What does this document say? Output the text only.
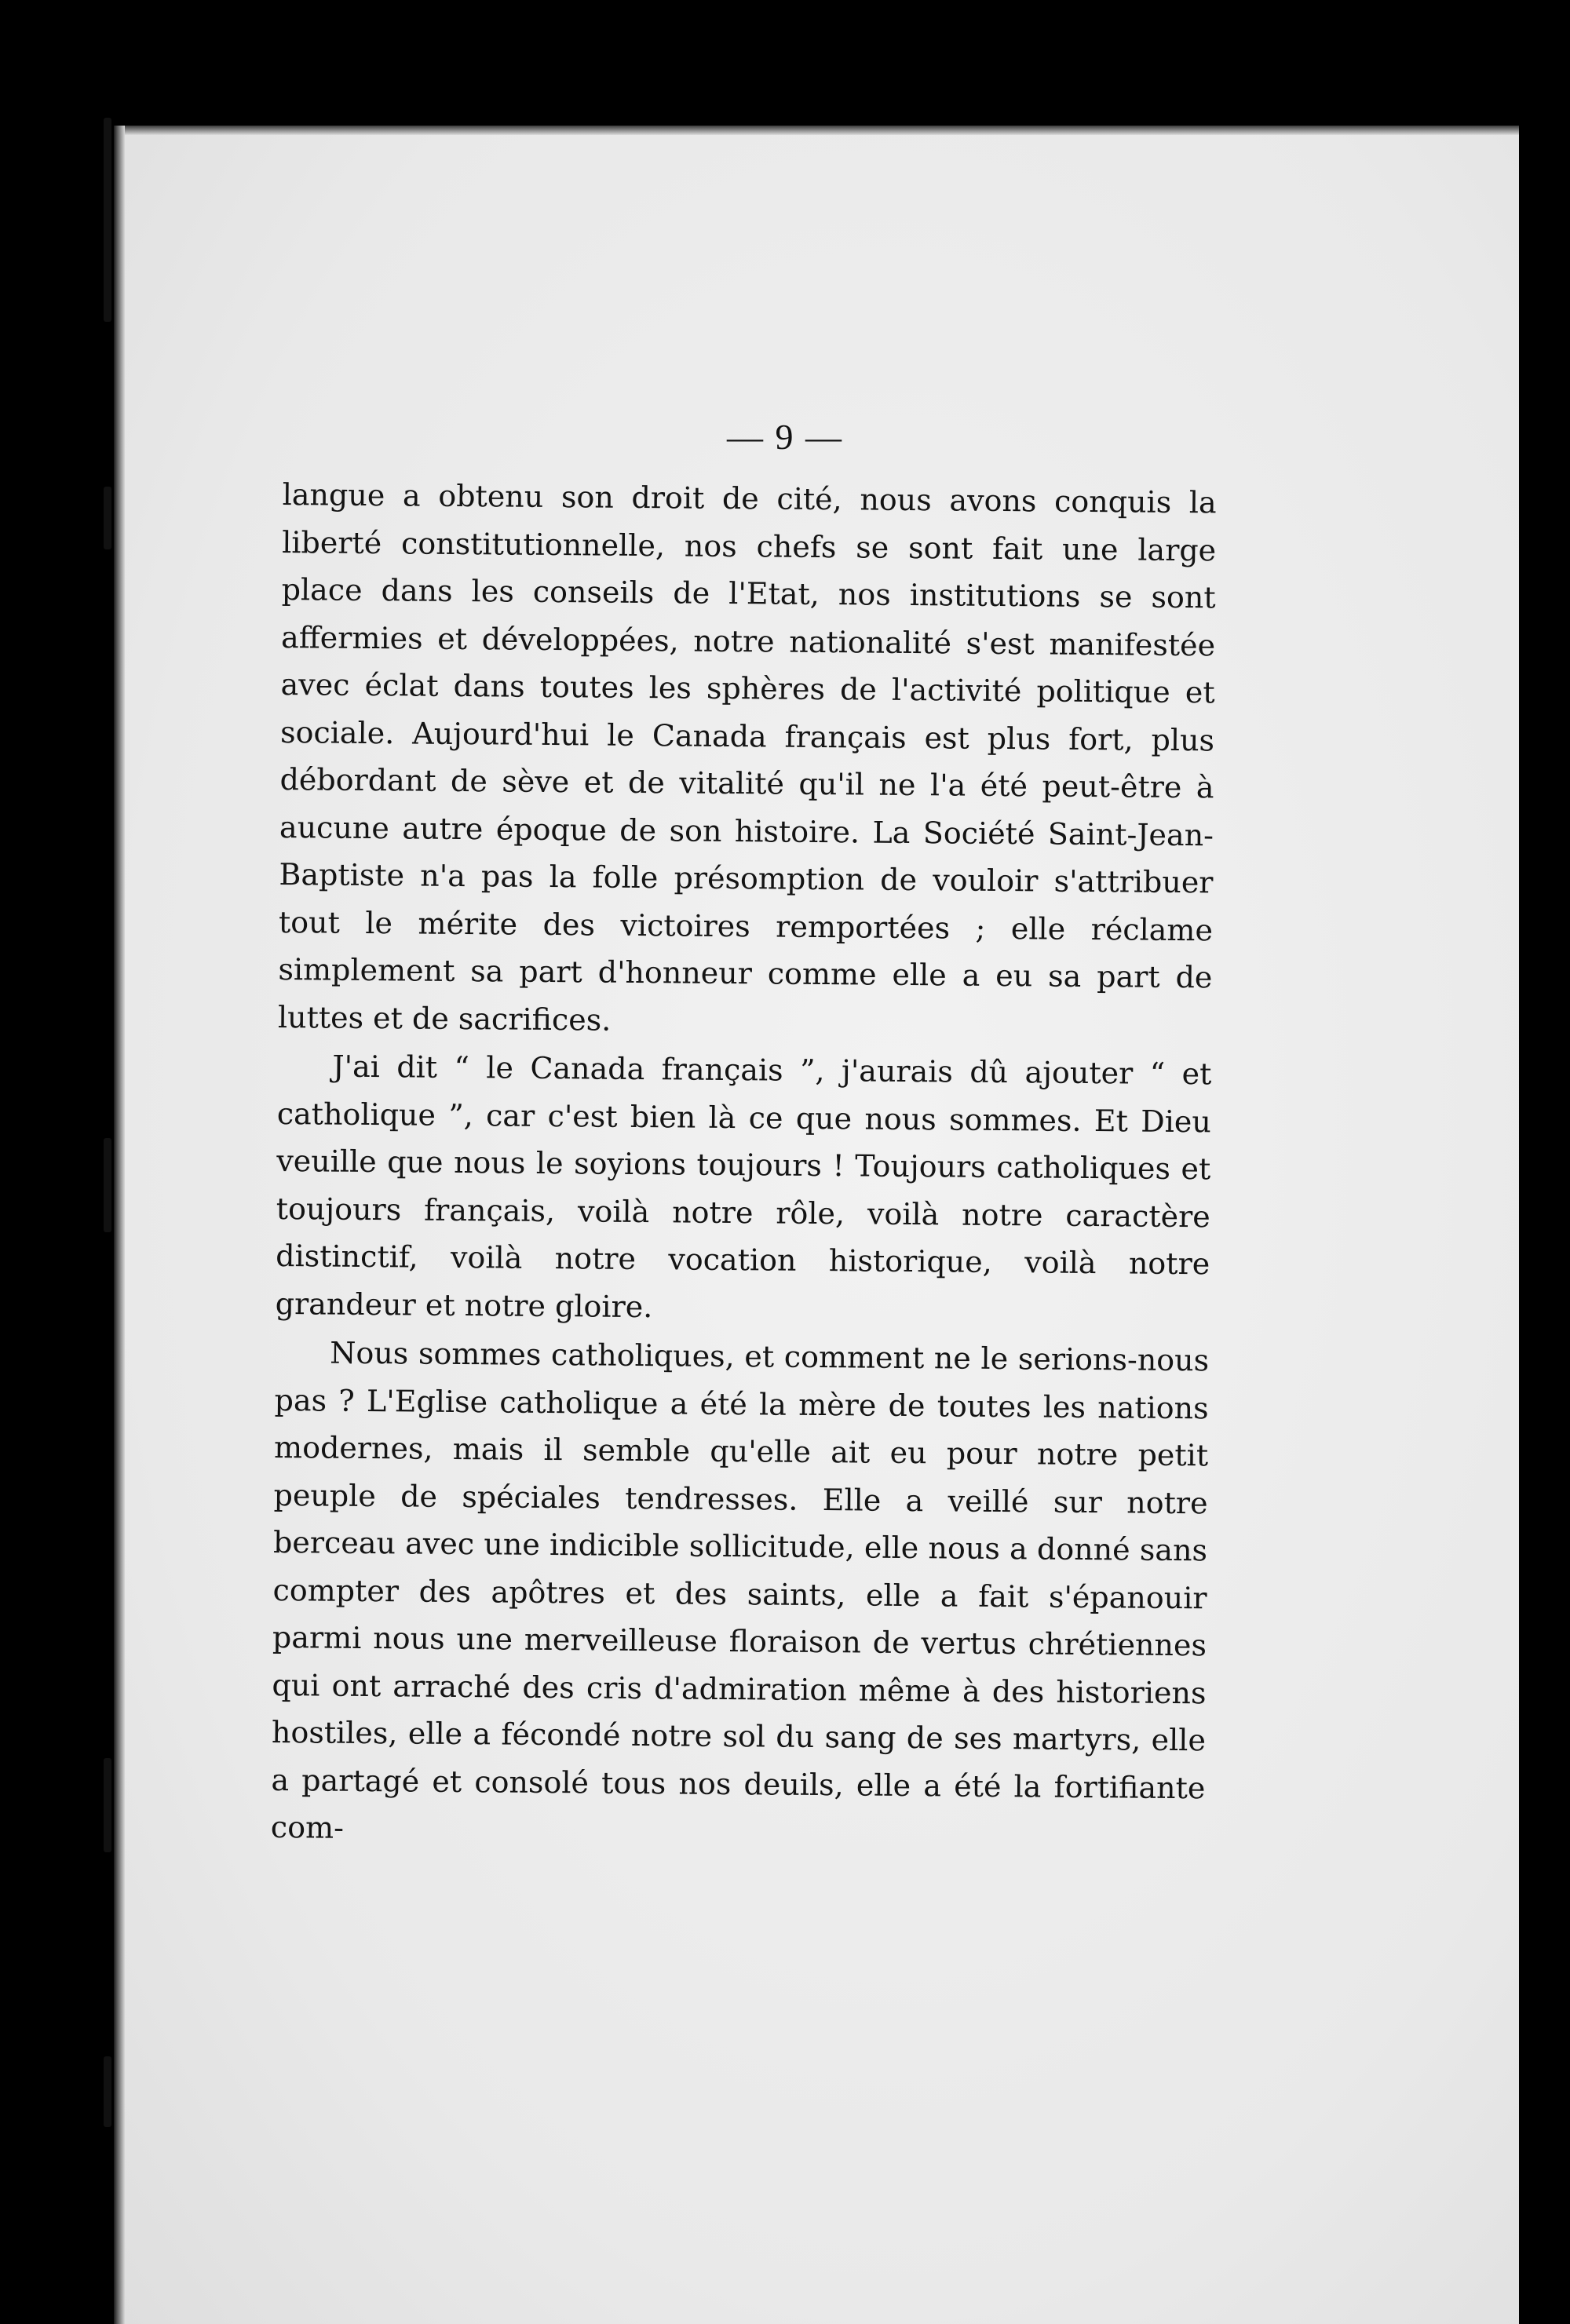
— 9 —

langue a obtenu son droit de cité, nous avons conquis la liberté constitutionnelle, nos chefs se sont fait une large place dans les conseils de l'Etat, nos institutions se sont affermies et développées, notre nationalité s'est manifestée avec éclat dans toutes les sphères de l'activité politique et sociale. Aujourd'hui le Canada français est plus fort, plus débordant de sève et de vitalité qu'il ne l'a été peut-être à aucune autre époque de son histoire. La Société Saint-Jean-Baptiste n'a pas la folle présomption de vouloir s'attribuer tout le mérite des victoires remportées ; elle réclame simplement sa part d'honneur comme elle a eu sa part de luttes et de sacrifices.

J'ai dit “ le Canada français ”, j'aurais dû ajouter “ et catholique ”, car c'est bien là ce que nous sommes. Et Dieu veuille que nous le soyions toujours ! Toujours catholiques et toujours français, voilà notre rôle, voilà notre caractère distinctif, voilà notre vocation historique, voilà notre grandeur et notre gloire.

Nous sommes catholiques, et comment ne le serions-nous pas ? L'Eglise catholique a été la mère de toutes les nations modernes, mais il semble qu'elle ait eu pour notre petit peuple de spéciales tendresses. Elle a veillé sur notre berceau avec une indicible sollicitude, elle nous a donné sans compter des apôtres et des saints, elle a fait s'épanouir parmi nous une merveilleuse floraison de vertus chrétiennes qui ont arraché des cris d'admiration même à des historiens hostiles, elle a fécondé notre sol du sang de ses martyrs, elle a partagé et consolé tous nos deuils, elle a été la fortifiante com-
